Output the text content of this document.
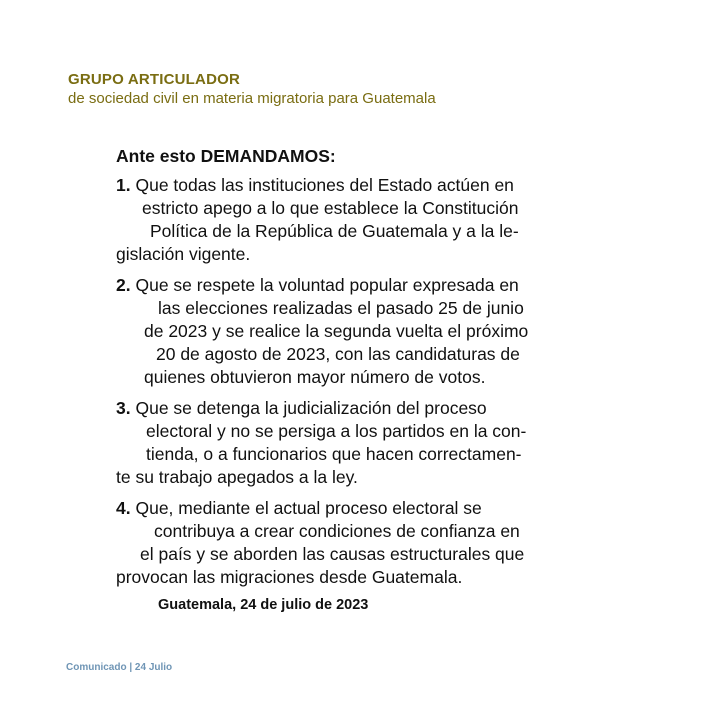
GRUPO ARTICULADOR
de sociedad civil en materia migratoria para Guatemala
Ante esto DEMANDAMOS:
1. Que todas las instituciones del Estado actúen en
estricto apego a lo que establece la Constitución
Política de la República de Guatemala y a la le-
gislación vigente.
2. Que se respete la voluntad popular expresada en
las elecciones realizadas el pasado 25 de junio
de 2023 y se realice la segunda vuelta el próximo
20 de agosto de 2023, con las candidaturas de
quienes obtuvieron mayor número de votos.
3. Que se detenga la judicialización del proceso
electoral y no se persiga a los partidos en la con-
tienda, o a funcionarios que hacen correctamen-
te su trabajo apegados a la ley.
4. Que, mediante el actual proceso electoral se
contribuya a crear condiciones de confianza en
el país y se aborden las causas estructurales que
provocan las migraciones desde Guatemala.
Guatemala, 24 de julio de 2023
Comunicado | 24 Julio
